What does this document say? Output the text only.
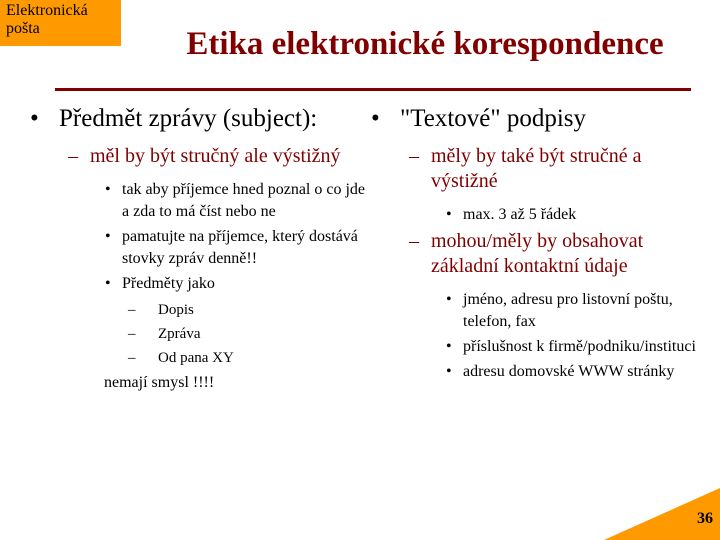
Elektronická pošta	Etika elektronické korespondence
• Předmět zprávy (subject):
– měl by být stručný ale výstižný
• tak aby příjemce hned poznal o co jde a zda to má číst nebo ne
• pamatujte na příjemce, který dostává stovky zpráv denně!!
• Předměty jako
– Dopis
– Zpráva
– Od pana XY
nemají smysl !!!!
• "Textové" podpisy
– měly by také být stručné a výstižné
• max. 3 až 5 řádek
– mohou/měly by obsahovat základní kontaktní údaje
• jméno, adresu pro listovní poštu, telefon, fax
• příslušnost k firmě/podniku/instituci
• adresu domovské WWW stránky
36
